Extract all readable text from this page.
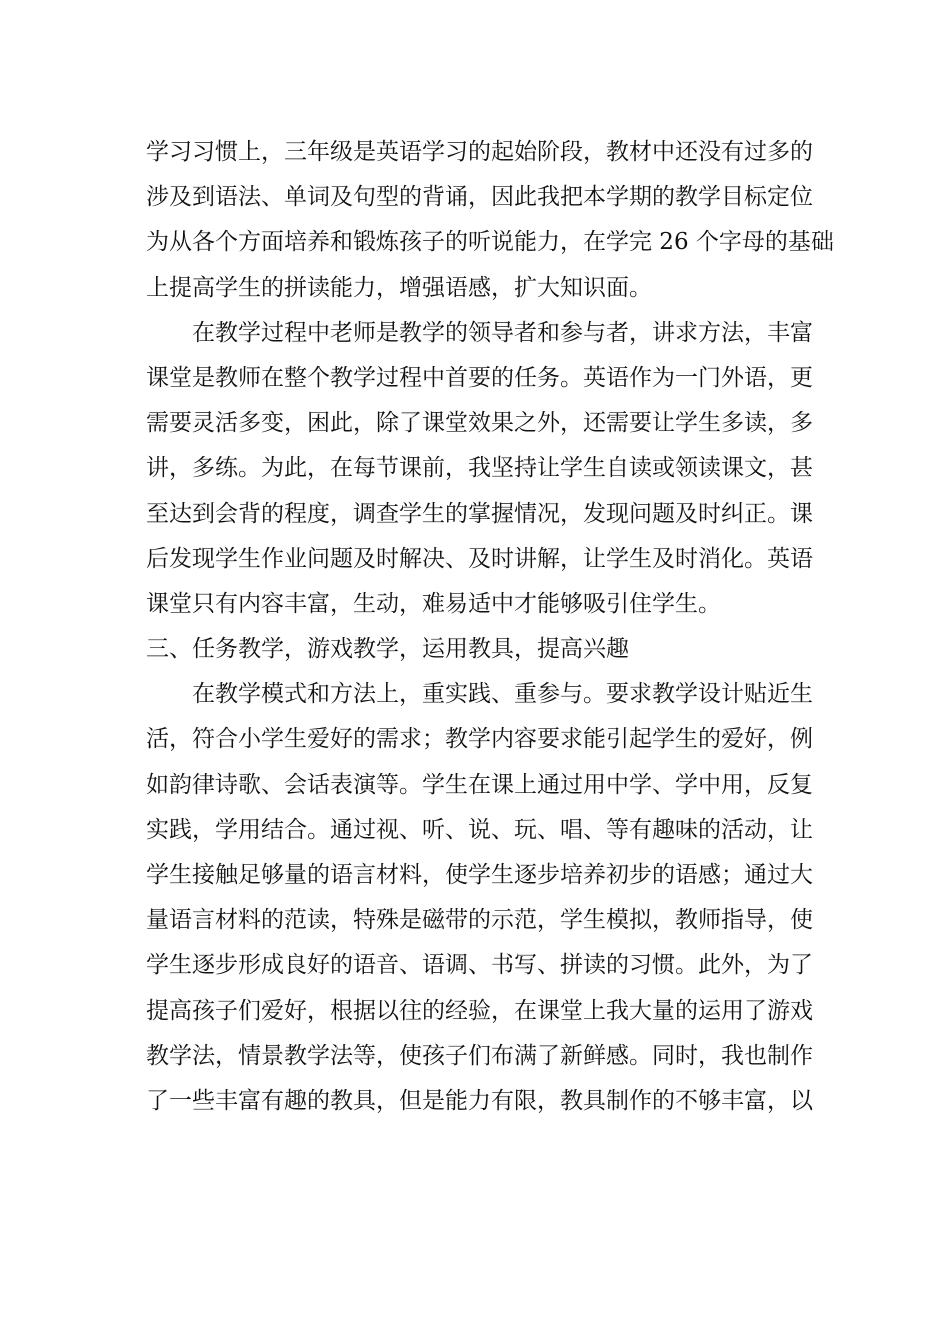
学习习惯上，三年级是英语学习的起始阶段，教材中还没有过多的
涉及到语法、单词及句型的背诵，因此我把本学期的教学目标定位
为从各个方面培养和锻炼孩子的听说能力，在学完 26 个字母的基础
上提高学生的拼读能力，增强语感，扩大知识面。
在教学过程中老师是教学的领导者和参与者，讲求方法，丰富
课堂是教师在整个教学过程中首要的任务。英语作为一门外语，更
需要灵活多变，困此，除了课堂效果之外，还需要让学生多读，多
讲，多练。为此，在每节课前，我坚持让学生自读或领读课文，甚
至达到会背的程度，调查学生的掌握情况，发现问题及时纠正。课
后发现学生作业问题及时解决、及时讲解，让学生及时消化。英语
课堂只有内容丰富，生动，难易适中才能够吸引住学生。
三、任务教学，游戏教学，运用教具，提高兴趣
在教学模式和方法上，重实践、重参与。要求教学设计贴近生
活，符合小学生爱好的需求；教学内容要求能引起学生的爱好，例
如韵律诗歌、会话表演等。学生在课上通过用中学、学中用，反复
实践，学用结合。通过视、听、说、玩、唱、等有趣味的活动，让
学生接触足够量的语言材料，使学生逐步培养初步的语感；通过大
量语言材料的范读，特殊是磁带的示范，学生模拟，教师指导，使
学生逐步形成良好的语音、语调、书写、拼读的习惯。此外，为了
提高孩子们爱好，根据以往的经验，在课堂上我大量的运用了游戏
教学法，情景教学法等，使孩子们布满了新鲜感。同时，我也制作
了一些丰富有趣的教具，但是能力有限，教具制作的不够丰富，以
